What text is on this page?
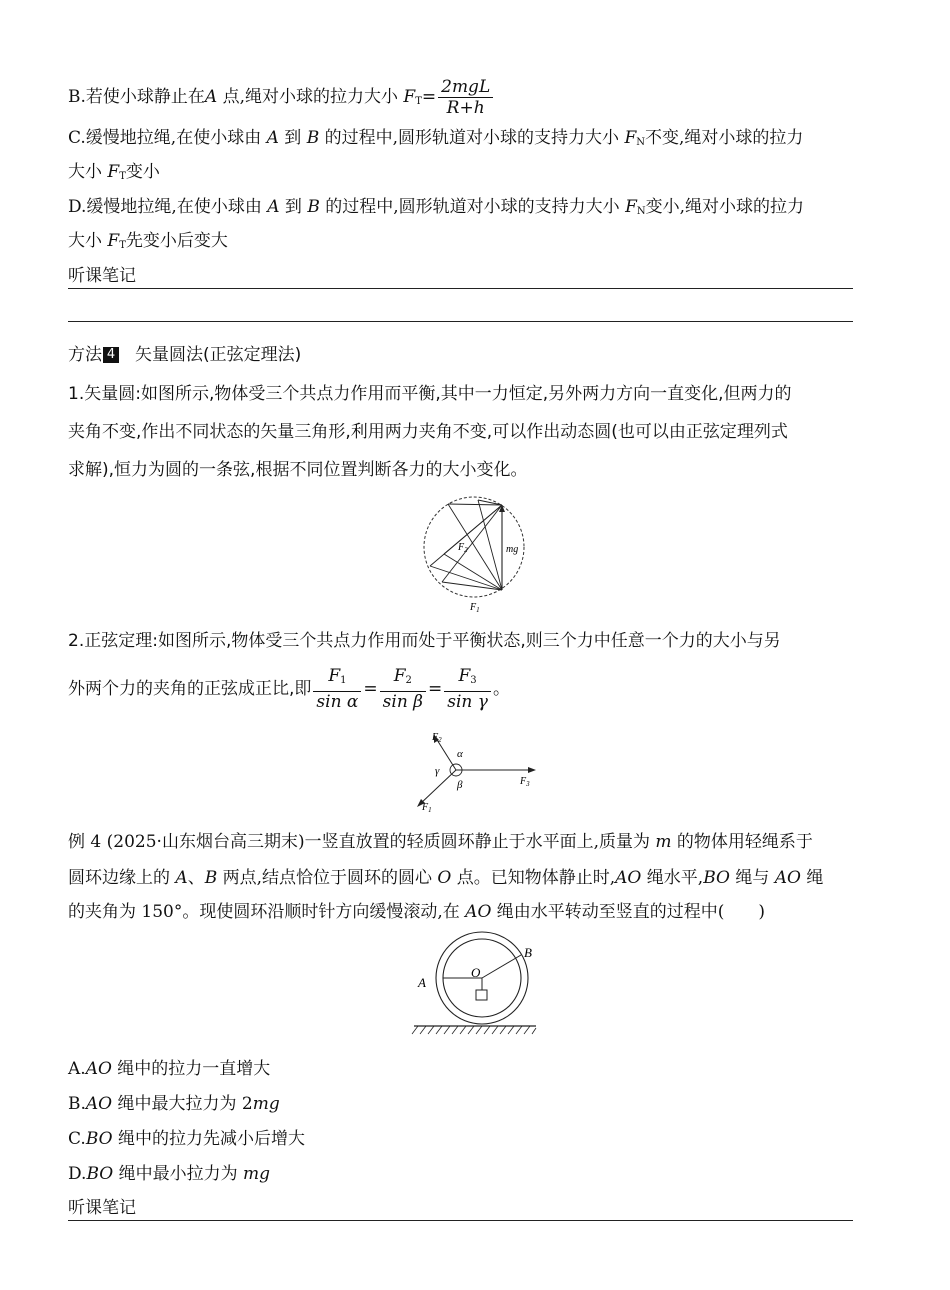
B.若使小球静止在A 点,绳对小球的拉力大小 $F_T= \frac{\text{2mgL}}{R+h}$
C.缓慢地拉绳,在使小球由 A 到 B 的过程中,圆形轨道对小球的支持力大小 $F_N$不变,绳对小球的拉力
大小 $F_T$变小
D.缓慢地拉绳,在使小球由 A 到 B 的过程中,圆形轨道对小球的支持力大小 $F_N$变小,绳对小球的拉力
大小 $F_T$先变小后变大
听课笔记
方法 4 矢量圆法(正弦定理法)
1.矢量圆:如图所示,物体受三个共点力作用而平衡,其中一力恒定,另外两力方向一直变化,但两力的
夹角不变,作出不同状态的矢量三角形,利用两力夹角不变,可以作出动态圆(也可以由正弦定理列式
求解),恒力为圆的一条弦,根据不同位置判断各力的大小变化。
$F_2$	mg
$F_1$
2.正弦定理:如图所示,物体受三个共点力作用而处于平衡状态,则三个力中任意一个力的大小与另
外两个力的夹角的正弦成正比,即 $\frac{F_1}{\text{sin α}} = \frac{F_2}{\text{sin β}} = \frac{F_3}{\text{sin γ}}$ 。
$F_2$
α
γ
β	$F_3$
$F_1$
例 4 (2025·山东烟台高三期末)一竖直放置的轻质圆环静止于水平面上,质量为 m 的物体用轻绳系于
圆环边缘上的 A、B 两点,结点恰位于圆环的圆心 O 点。已知物体静止时,AO 绳水平,BO 绳与 AO 绳
的夹角为 150°。现使圆环沿顺时针方向缓慢滚动,在 AO 绳由水平转动至竖直的过程中(　　)
A
O
B
A.AO 绳中的拉力一直增大
B.AO 绳中最大拉力为 2mg
C.BO 绳中的拉力先减小后增大
D.BO 绳中最小拉力为 mg
听课笔记
